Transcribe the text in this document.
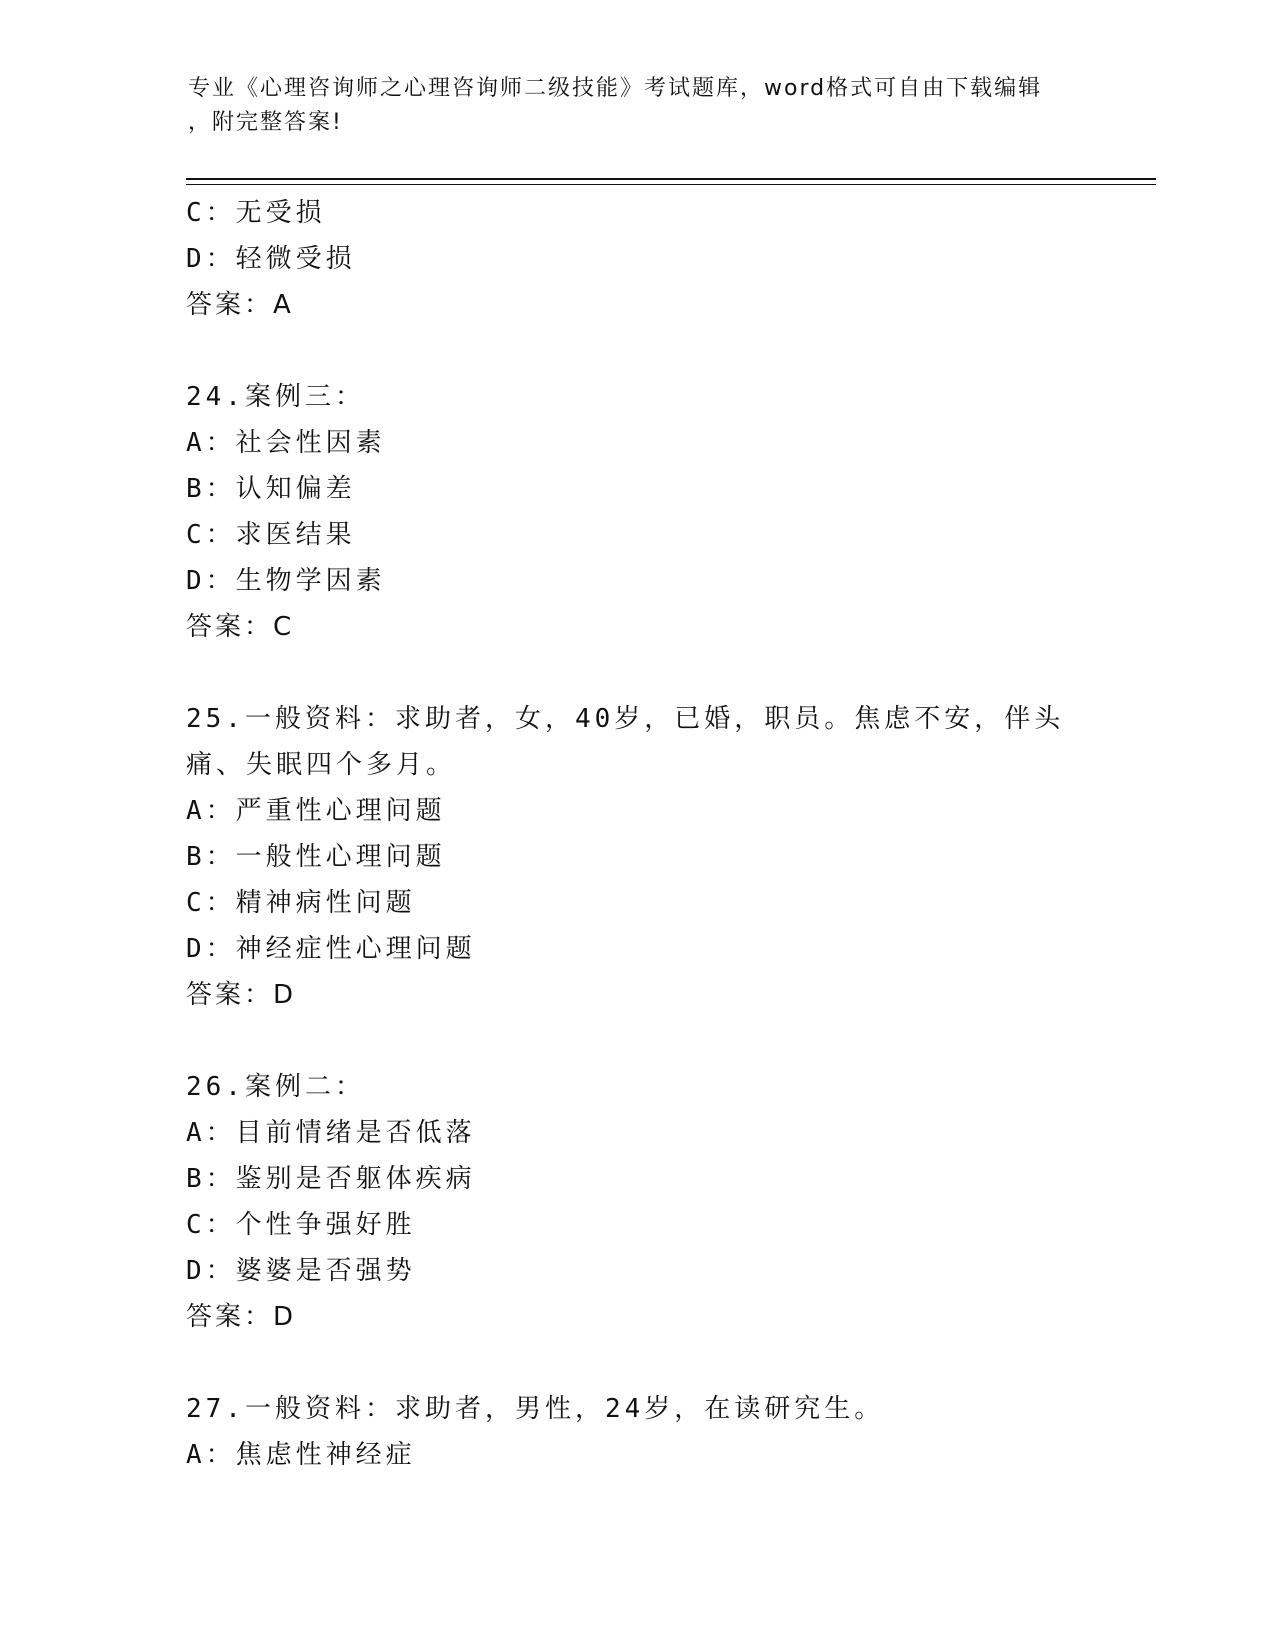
专业《心理咨询师之心理咨询师二级技能》考试题库，word格式可自由下载编辑
，附完整答案!
C：无受损
D：轻微受损
答案：A
24.案例三：
A：社会性因素
B：认知偏差
C：求医结果
D：生物学因素
答案：C
25.一般资料：求助者，女，40岁，已婚，职员。焦虑不安，伴头痛、失眠四个多月。
A：严重性心理问题
B：一般性心理问题
C：精神病性问题
D：神经症性心理问题
答案：D
26.案例二：
A：目前情绪是否低落
B：鉴别是否躯体疾病
C：个性争强好胜
D：婆婆是否强势
答案：D
27.一般资料：求助者，男性，24岁，在读研究生。
A：焦虑性神经症
